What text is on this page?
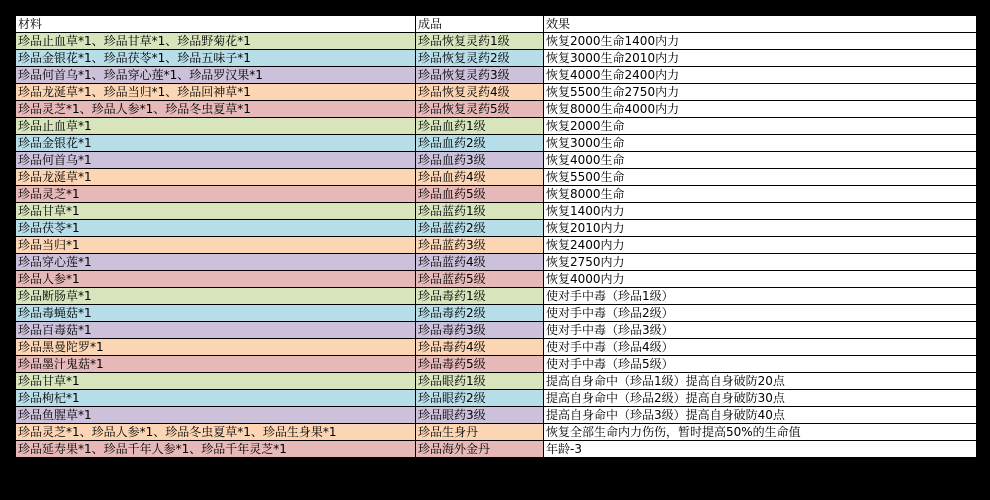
材料	成品	效果
珍品止血草*1、珍品甘草*1、珍品野菊花*1	珍品恢复灵药1级	恢复2000生命1400内力
珍品金银花*1、珍品茯苓*1、珍品五味子*1	珍品恢复灵药2级	恢复3000生命2010内力
珍品何首乌*1、珍品穿心莲*1、珍品罗汉果*1	珍品恢复灵药3级	恢复4000生命2400内力
珍品龙涎草*1、珍品当归*1、珍品回神草*1	珍品恢复灵药4级	恢复5500生命2750内力
珍品灵芝*1、珍品人参*1、珍品冬虫夏草*1	珍品恢复灵药5级	恢复8000生命4000内力
珍品止血草*1	珍品血药1级	恢复2000生命
珍品金银花*1	珍品血药2级	恢复3000生命
珍品何首乌*1	珍品血药3级	恢复4000生命
珍品龙涎草*1	珍品血药4级	恢复5500生命
珍品灵芝*1	珍品血药5级	恢复8000生命
珍品甘草*1	珍品蓝药1级	恢复1400内力
珍品茯苓*1	珍品蓝药2级	恢复2010内力
珍品当归*1	珍品蓝药3级	恢复2400内力
珍品穿心莲*1	珍品蓝药4级	恢复2750内力
珍品人参*1	珍品蓝药5级	恢复4000内力
珍品断肠草*1	珍品毒药1级	使对手中毒（珍品1级）
珍品毒蝇菇*1	珍品毒药2级	使对手中毒（珍品2级）
珍品百毒菇*1	珍品毒药3级	使对手中毒（珍品3级）
珍品黑曼陀罗*1	珍品毒药4级	使对手中毒（珍品4级）
珍品墨汁鬼菇*1	珍品毒药5级	使对手中毒（珍品5级）
珍品甘草*1	珍品眼药1级	提高自身命中（珍品1级）提高自身破防20点
珍品枸杞*1	珍品眼药2级	提高自身命中（珍品2级）提高自身破防30点
珍品鱼腥草*1	珍品眼药3级	提高自身命中（珍品3级）提高自身破防40点
珍品灵芝*1、珍品人参*1、珍品冬虫夏草*1、珍品生身果*1	珍品生身丹	恢复全部生命内力伤伤，暂时提高50%的生命值
珍品延寿果*1、珍品千年人参*1、珍品千年灵芝*1	珍品海外金丹	年龄-3
